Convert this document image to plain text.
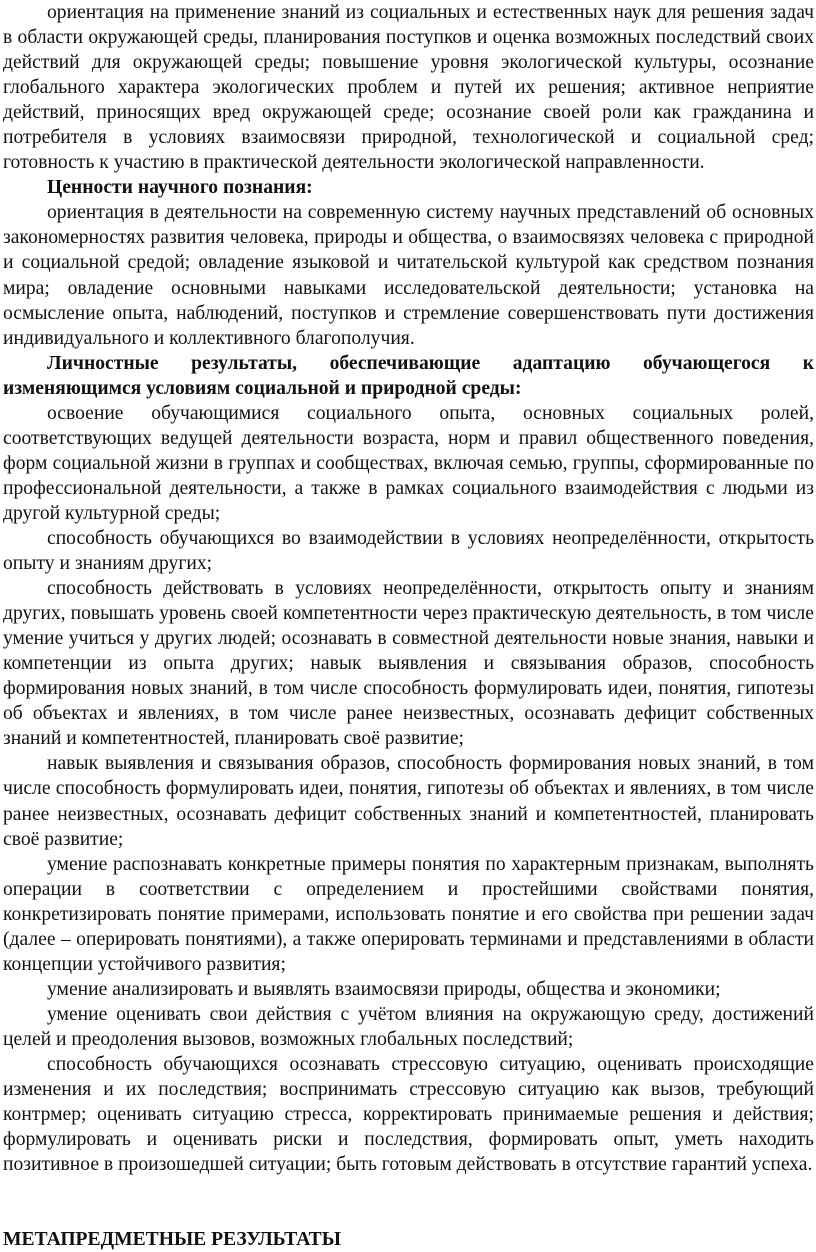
ориентация на применение знаний из социальных и естественных наук для решения задач в области окружающей среды, планирования поступков и оценка возможных последствий своих действий для окружающей среды; повышение уровня экологической культуры, осознание глобального характера экологических проблем и путей их решения; активное неприятие действий, приносящих вред окружающей среде; осознание своей роли как гражданина и потребителя в условиях взаимосвязи природной, технологической и социальной сред; готовность к участию в практической деятельности экологической направленности.

Ценности научного познания:

ориентация в деятельности на современную систему научных представлений об основных закономерностях развития человека, природы и общества, о взаимосвязях человека с природной и социальной средой; овладение языковой и читательской культурой как средством познания мира; овладение основными навыками исследовательской деятельности; установка на осмысление опыта, наблюдений, поступков и стремление совершенствовать пути достижения индивидуального и коллективного благополучия.

Личностные результаты, обеспечивающие адаптацию обучающегося к изменяющимся условиям социальной и природной среды:

освоение обучающимися социального опыта, основных социальных ролей, соответствующих ведущей деятельности возраста, норм и правил общественного поведения, форм социальной жизни в группах и сообществах, включая семью, группы, сформированные по профессиональной деятельности, а также в рамках социального взаимодействия с людьми из другой культурной среды;

способность обучающихся во взаимодействии в условиях неопределённости, открытость опыту и знаниям других;

способность действовать в условиях неопределённости, открытость опыту и знаниям других, повышать уровень своей компетентности через практическую деятельность, в том числе умение учиться у других людей; осознавать в совместной деятельности новые знания, навыки и компетенции из опыта других; навык выявления и связывания образов, способность формирования новых знаний, в том числе способность формулировать идеи, понятия, гипотезы об объектах и явлениях, в том числе ранее неизвестных, осознавать дефицит собственных знаний и компетентностей, планировать своё развитие;

навык выявления и связывания образов, способность формирования новых знаний, в том числе способность формулировать идеи, понятия, гипотезы об объектах и явлениях, в том числе ранее неизвестных, осознавать дефицит собственных знаний и компетентностей, планировать своё развитие;

умение распознавать конкретные примеры понятия по характерным признакам, выполнять операции в соответствии с определением и простейшими свойствами понятия, конкретизировать понятие примерами, использовать понятие и его свойства при решении задач (далее – оперировать понятиями), а также оперировать терминами и представлениями в области концепции устойчивого развития;

умение анализировать и выявлять взаимосвязи природы, общества и экономики;

умение оценивать свои действия с учётом влияния на окружающую среду, достижений целей и преодоления вызовов, возможных глобальных последствий;

способность обучающихся осознавать стрессовую ситуацию, оценивать происходящие изменения и их последствия; воспринимать стрессовую ситуацию как вызов, требующий контрмер; оценивать ситуацию стресса, корректировать принимаемые решения и действия; формулировать и оценивать риски и последствия, формировать опыт, уметь находить позитивное в произошедшей ситуации; быть готовым действовать в отсутствие гарантий успеха.

МЕТАПРЕДМЕТНЫЕ РЕЗУЛЬТАТЫ
